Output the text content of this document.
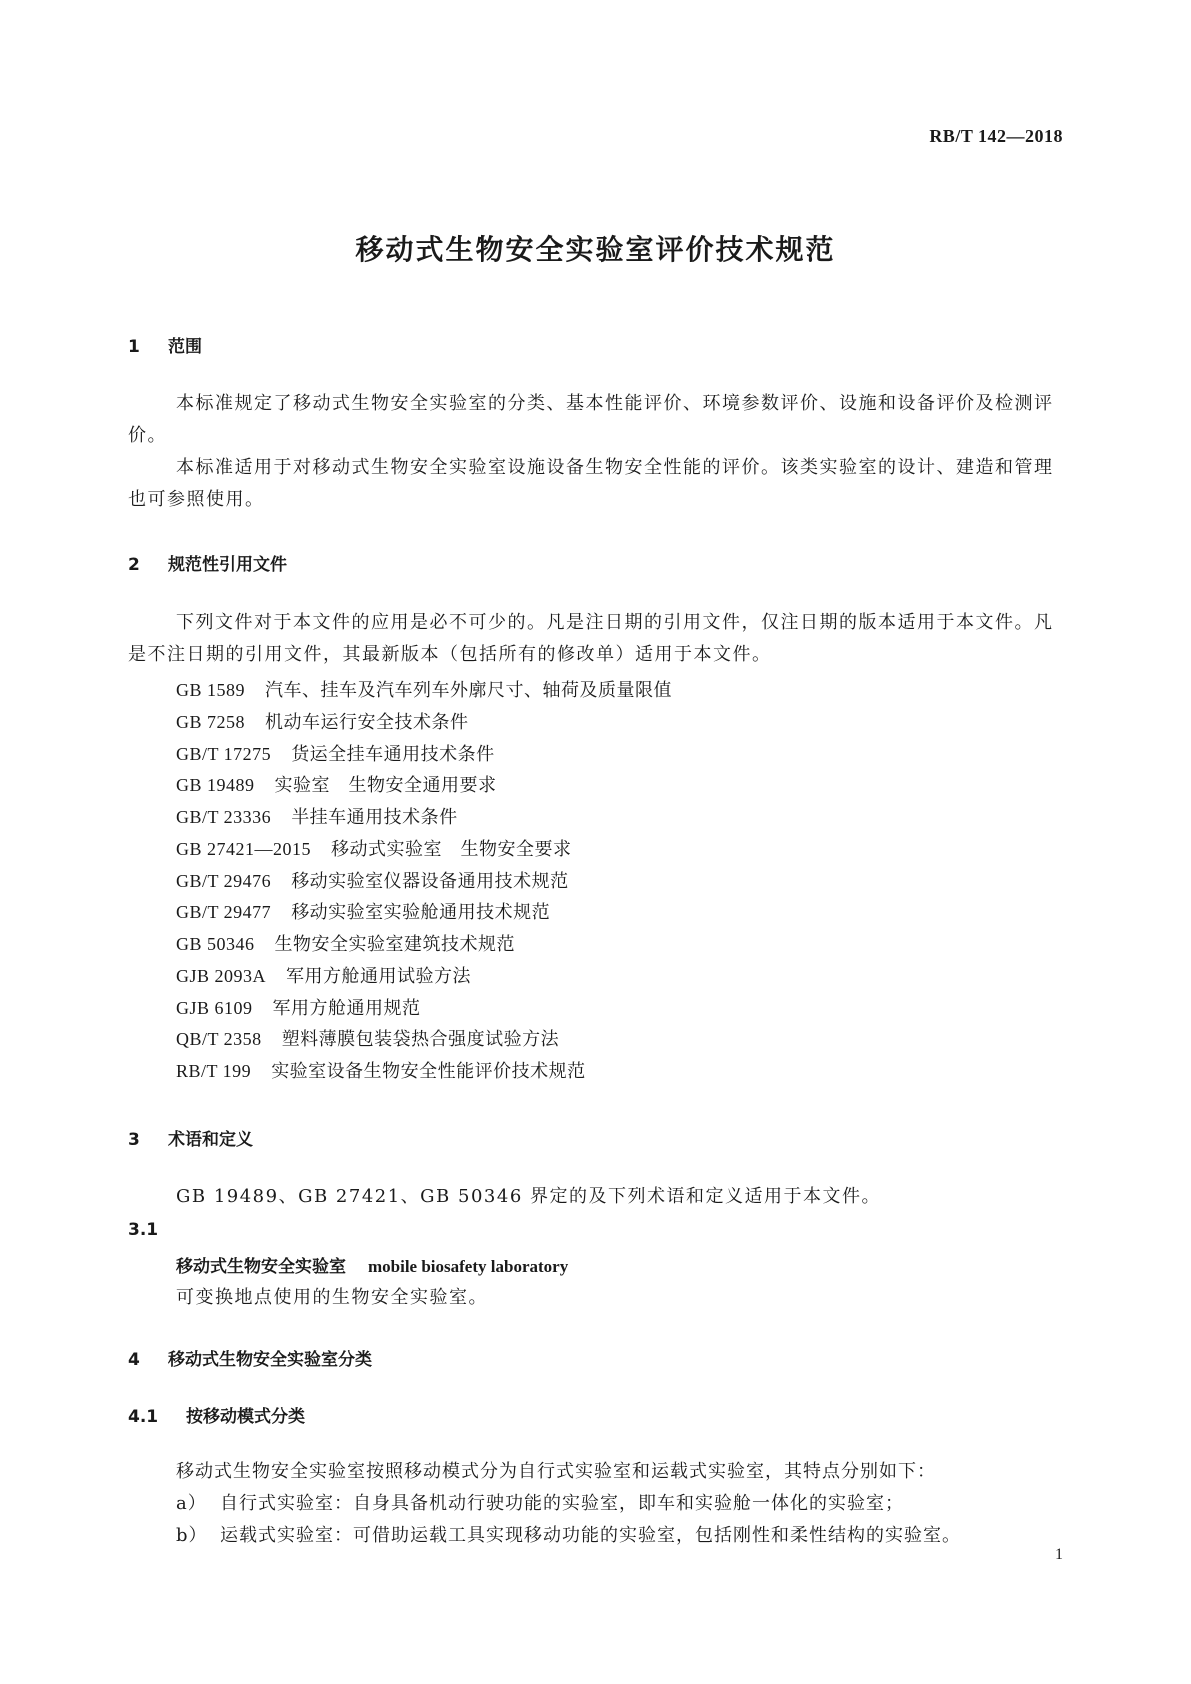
RB/T 142—2018
移动式生物安全实验室评价技术规范
1 范围
本标准规定了移动式生物安全实验室的分类、基本性能评价、环境参数评价、设施和设备评价及检测评价。
本标准适用于对移动式生物安全实验室设施设备生物安全性能的评价。该类实验室的设计、建造和管理也可参照使用。
2 规范性引用文件
下列文件对于本文件的应用是必不可少的。凡是注日期的引用文件，仅注日期的版本适用于本文件。凡是不注日期的引用文件，其最新版本（包括所有的修改单）适用于本文件。
GB 1589 汽车、挂车及汽车列车外廓尺寸、轴荷及质量限值
GB 7258 机动车运行安全技术条件
GB/T 17275 货运全挂车通用技术条件
GB 19489 实验室　生物安全通用要求
GB/T 23336 半挂车通用技术条件
GB 27421—2015 移动式实验室　生物安全要求
GB/T 29476 移动实验室仪器设备通用技术规范
GB/T 29477 移动实验室实验舱通用技术规范
GB 50346 生物安全实验室建筑技术规范
GJB 2093A 军用方舱通用试验方法
GJB 6109 军用方舱通用规范
QB/T 2358 塑料薄膜包装袋热合强度试验方法
RB/T 199 实验室设备生物安全性能评价技术规范
3 术语和定义
GB 19489、GB 27421、GB 50346 界定的及下列术语和定义适用于本文件。
3.1
移动式生物安全实验室 mobile biosafety laboratory
可变换地点使用的生物安全实验室。
4 移动式生物安全实验室分类
4.1 按移动模式分类
移动式生物安全实验室按照移动模式分为自行式实验室和运载式实验室，其特点分别如下：
a） 自行式实验室：自身具备机动行驶功能的实验室，即车和实验舱一体化的实验室；
b） 运载式实验室：可借助运载工具实现移动功能的实验室，包括刚性和柔性结构的实验室。
1
